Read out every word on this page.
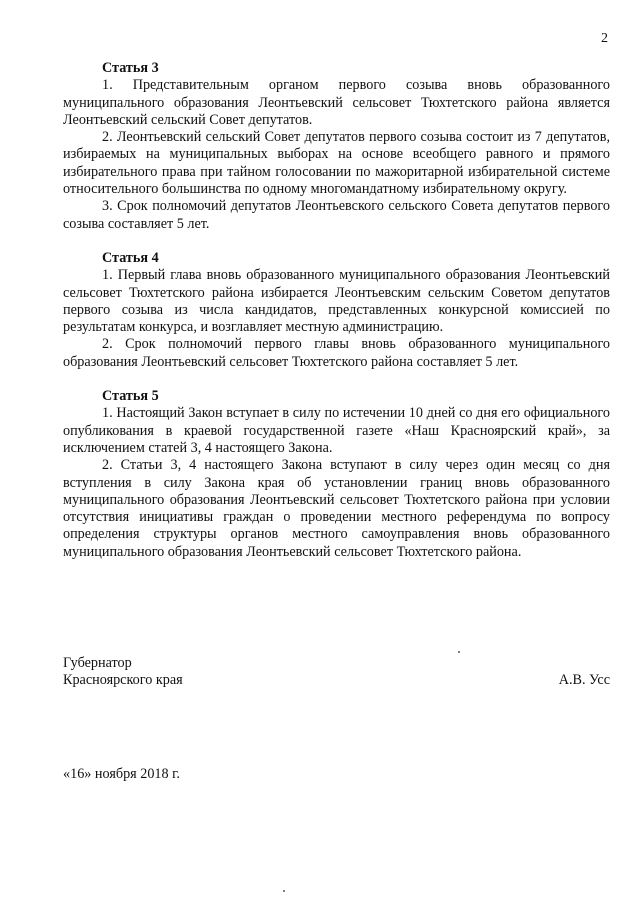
2
Статья 3

1. Представительным органом первого созыва вновь образованного муниципального образования Леонтьевский сельсовет Тюхтетского района является Леонтьевский сельский Совет депутатов.

2. Леонтьевский сельский Совет депутатов первого созыва состоит из 7 депутатов, избираемых на муниципальных выборах на основе всеобщего равного и прямого избирательного права при тайном голосовании по мажоритарной избирательной системе относительного большинства по одному многомандатному избирательному округу.

3. Срок полномочий депутатов Леонтьевского сельского Совета депутатов первого созыва составляет 5 лет.

Статья 4

1. Первый глава вновь образованного муниципального образования Леонтьевский сельсовет Тюхтетского района избирается Леонтьевским сельским Советом депутатов первого созыва из числа кандидатов, представленных конкурсной комиссией по результатам конкурса, и возглавляет местную администрацию.

2. Срок полномочий первого главы вновь образованного муниципального образования Леонтьевский сельсовет Тюхтетского района составляет 5 лет.

Статья 5

1. Настоящий Закон вступает в силу по истечении 10 дней со дня его официального опубликования в краевой государственной газете «Наш Красноярский край», за исключением статей 3, 4 настоящего Закона.

2. Статьи 3, 4 настоящего Закона вступают в силу через один месяц со дня вступления в силу Закона края об установлении границ вновь образованного муниципального образования Леонтьевский сельсовет Тюхтетского района при условии отсутствия инициативы граждан о проведении местного референдума по вопросу определения структуры органов местного самоуправления вновь образованного муниципального образования Леонтьевский сельсовет Тюхтетского района.

Губернатор
Красноярского края	А.В. Усс
«16» ноября 2018 г.
